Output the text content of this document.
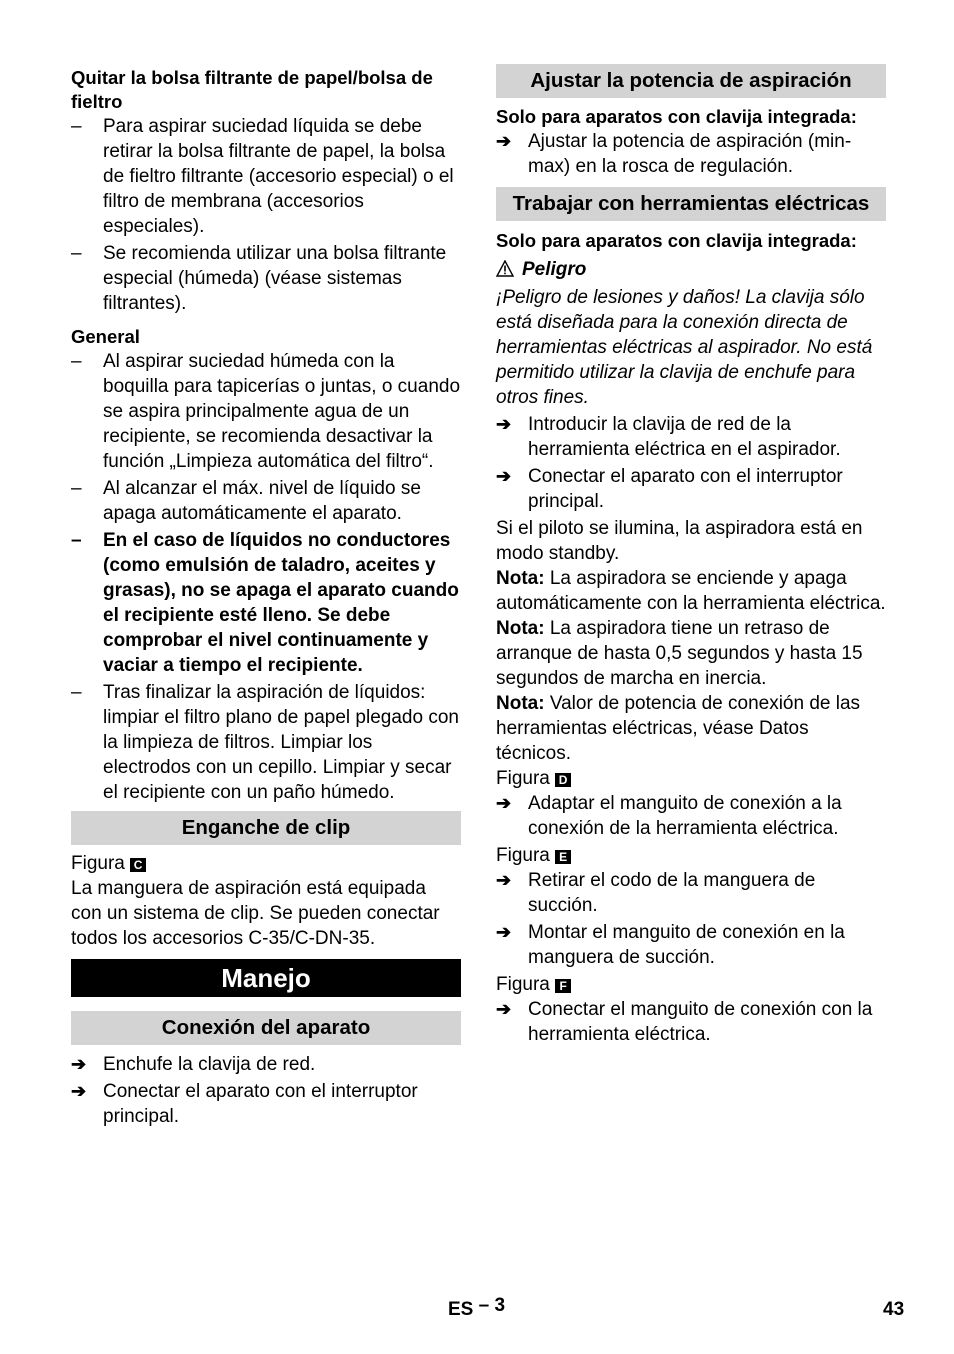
Quitar la bolsa filtrante de papel/bolsa de fieltro

– Para aspirar suciedad líquida se debe retirar la bolsa filtrante de papel, la bolsa de fieltro filtrante (accesorio especial) o el filtro de membrana (accesorios especiales).

– Se recomienda utilizar una bolsa filtrante especial (húmeda) (véase sistemas filtrantes).

General

– Al aspirar suciedad húmeda con la boquilla para tapicerías o juntas, o cuando se aspira principalmente agua de un recipiente, se recomienda desactivar la función „Limpieza automática del filtro“.

– Al alcanzar el máx. nivel de líquido se apaga automáticamente el aparato.

– En el caso de líquidos no conductores (como emulsión de taladro, aceites y grasas), no se apaga el aparato cuando el recipiente esté lleno. Se debe comprobar el nivel continuamente y vaciar a tiempo el recipiente.

– Tras finalizar la aspiración de líquidos: limpiar el filtro plano de papel plegado con la limpieza de filtros. Limpiar los electrodos con un cepillo. Limpiar y secar el recipiente con un paño húmedo.

Enganche de clip

Figura C

La manguera de aspiración está equipada con un sistema de clip. Se pueden conectar todos los accesorios C-35/C-DN-35.

Manejo
Conexión del aparato
➔ Enchufe la clavija de red.
➔ Conectar el aparato con el interruptor principal.
Ajustar la potencia de aspiración

Solo para aparatos con clavija integrada:

➔ Ajustar la potencia de aspiración (min-max) en la rosca de regulación.
Trabajar con herramientas eléctricas

Solo para aparatos con clavija integrada:

Peligro

¡Peligro de lesiones y daños! La clavija sólo está diseñada para la conexión directa de herramientas eléctricas al aspirador. No está permitido utilizar la clavija de enchufe para otros fines.

➔ Introducir la clavija de red de la herramienta eléctrica en el aspirador.
➔ Conectar el aparato con el interruptor principal.

Si el piloto se ilumina, la aspiradora está en modo standby.

Nota: La aspiradora se enciende y apaga automáticamente con la herramienta eléctrica.

Nota: La aspiradora tiene un retraso de arranque de hasta 0,5 segundos y hasta 15 segundos de marcha en inercia.

Nota: Valor de potencia de conexión de las herramientas eléctricas, véase Datos técnicos.

Figura D

➔ Adaptar el manguito de conexión a la conexión de la herramienta eléctrica.

Figura E

➔ Retirar el codo de la manguera de succión.
➔ Montar el manguito de conexión en la manguera de succión.

Figura F

➔ Conectar el manguito de conexión con la herramienta eléctrica.
ES – 3	43
